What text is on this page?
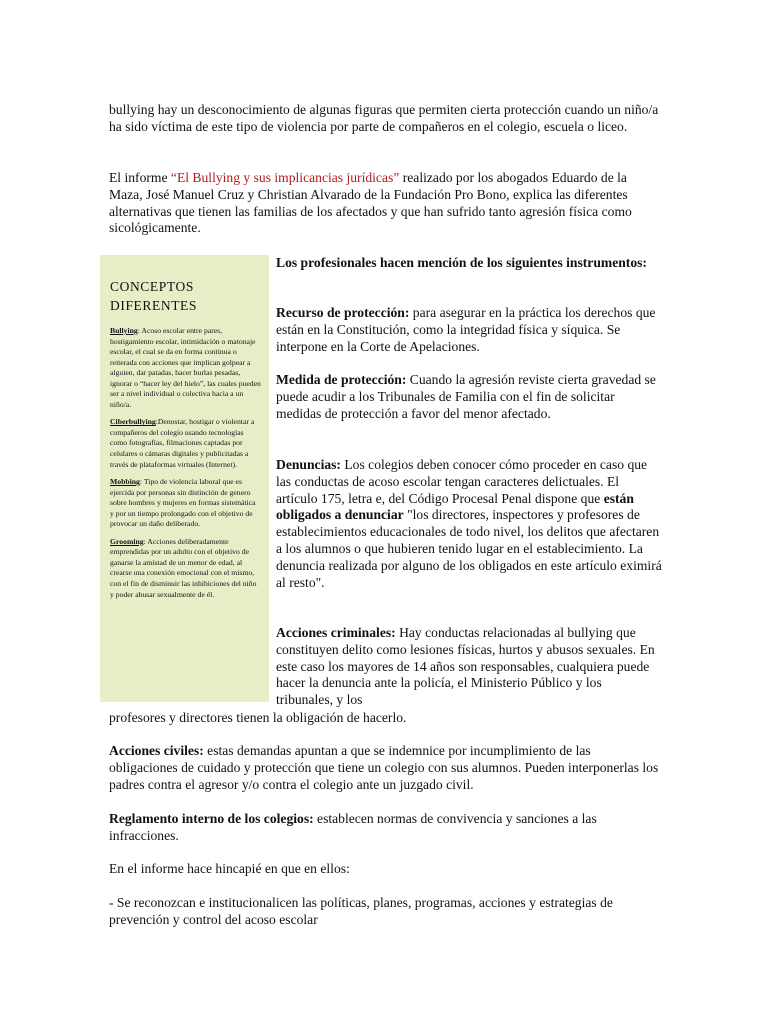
bullying hay un desconocimiento de algunas figuras que permiten cierta protección cuando un niño/a ha sido víctima de este tipo de violencia por parte de compañeros en el colegio, escuela o liceo.

El informe “El Bullying y sus implicancias jurídicas” realizado por los abogados Eduardo de la Maza, José Manuel Cruz y Christian Alvarado de la Fundación Pro Bono, explica las diferentes alternativas que tienen las familias de los afectados y que han sufrido tanto agresión física como sicológicamente.

CONCEPTOS DIFERENTES

Bullying: Acoso escolar entre pares, hostigamiento escolar, intimidación o matonaje escolar, el cual se da en forma continua o reiterada con acciones que implican golpear a alguien, dar patadas, hacer burlas pesadas, ignorar o “hacer ley del hielo”, las cuales pueden ser a nivel individual o colectiva hacia a un niño/a.

Ciberbullying:Denostar, hostigar o violentar a compañeros del colegio usando tecnologías como fotografías, filmaciones captadas por celulares o cámaras digitales y publicitadas a través de plataformas virtuales (Internet).

Mobbing: Tipo de violencia laboral que es ejercida por personas sin distinción de genero sobre hombres y mujeres en formas sistemática y por un tiempo prolongado con el objetivo de provocar un daño deliberado.

Grooming: Acciones deliberadamente emprendidas por un adulto con el objetivo de ganarse la amistad de un menor de edad, al crearse una conexión emocional con el mismo, con el fin de disminuir las inhibiciones del niño y poder abusar sexualmente de él.

Los profesionales hacen mención de los siguientes instrumentos:

Recurso de protección: para asegurar en la práctica los derechos que están en la Constitución, como la integridad física y síquica. Se interpone en la Corte de Apelaciones.

Medida de protección: Cuando la agresión reviste cierta gravedad se puede acudir a los Tribunales de Familia con el fin de solicitar medidas de protección a favor del menor afectado.

Denuncias: Los colegios deben conocer cómo proceder en caso que las conductas de acoso escolar tengan caracteres delictuales. El artículo 175, letra e, del Código Procesal Penal dispone que están obligados a denunciar "los directores, inspectores y profesores de establecimientos educacionales de todo nivel, los delitos que afectaren a los alumnos o que hubieren tenido lugar en el establecimiento. La denuncia realizada por alguno de los obligados en este artículo eximirá al resto".

Acciones criminales: Hay conductas relacionadas al bullying que constituyen delito como lesiones físicas, hurtos y abusos sexuales. En este caso los mayores de 14 años son responsables, cualquiera puede hacer la denuncia ante la policía, el Ministerio Público y los tribunales, y los

profesores y directores tienen la obligación de hacerlo.

Acciones civiles: estas demandas apuntan a que se indemnice por incumplimiento de las obligaciones de cuidado y protección que tiene un colegio con sus alumnos. Pueden interponerlas los padres contra el agresor y/o contra el colegio ante un juzgado civil.

Reglamento interno de los colegios: establecen normas de convivencia y sanciones a las infracciones.

En el informe hace hincapié en que en ellos:

- Se reconozcan e institucionalicen las políticas, planes, programas, acciones y estrategias de prevención y control del acoso escolar
